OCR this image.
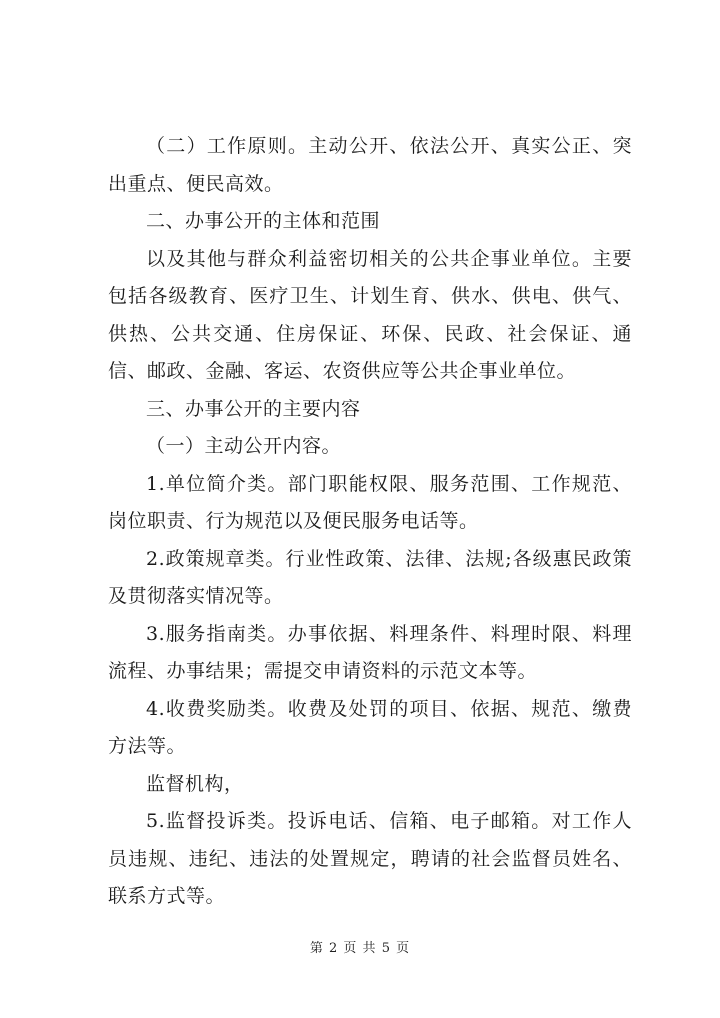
（二）工作原则。主动公开、依法公开、真实公正、突出重点、便民高效。

二、办事公开的主体和范围

以及其他与群众利益密切相关的公共企事业单位。主要包括各级教育、医疗卫生、计划生育、供水、供电、供气、供热、公共交通、住房保证、环保、民政、社会保证、通信、邮政、金融、客运、农资供应等公共企事业单位。

三、办事公开的主要内容

（一）主动公开内容。

1.单位简介类。部门职能权限、服务范围、工作规范、岗位职责、行为规范以及便民服务电话等。

2.政策规章类。行业性政策、法律、法规;各级惠民政策及贯彻落实情况等。

3.服务指南类。办事依据、料理条件、料理时限、料理流程、办事结果；需提交申请资料的示范文本等。

4.收费奖励类。收费及处罚的项目、依据、规范、缴费方法等。

监督机构，

5.监督投诉类。投诉电话、信箱、电子邮箱。对工作人员违规、违纪、违法的处置规定，聘请的社会监督员姓名、联系方式等。

第 2 页 共 5 页
